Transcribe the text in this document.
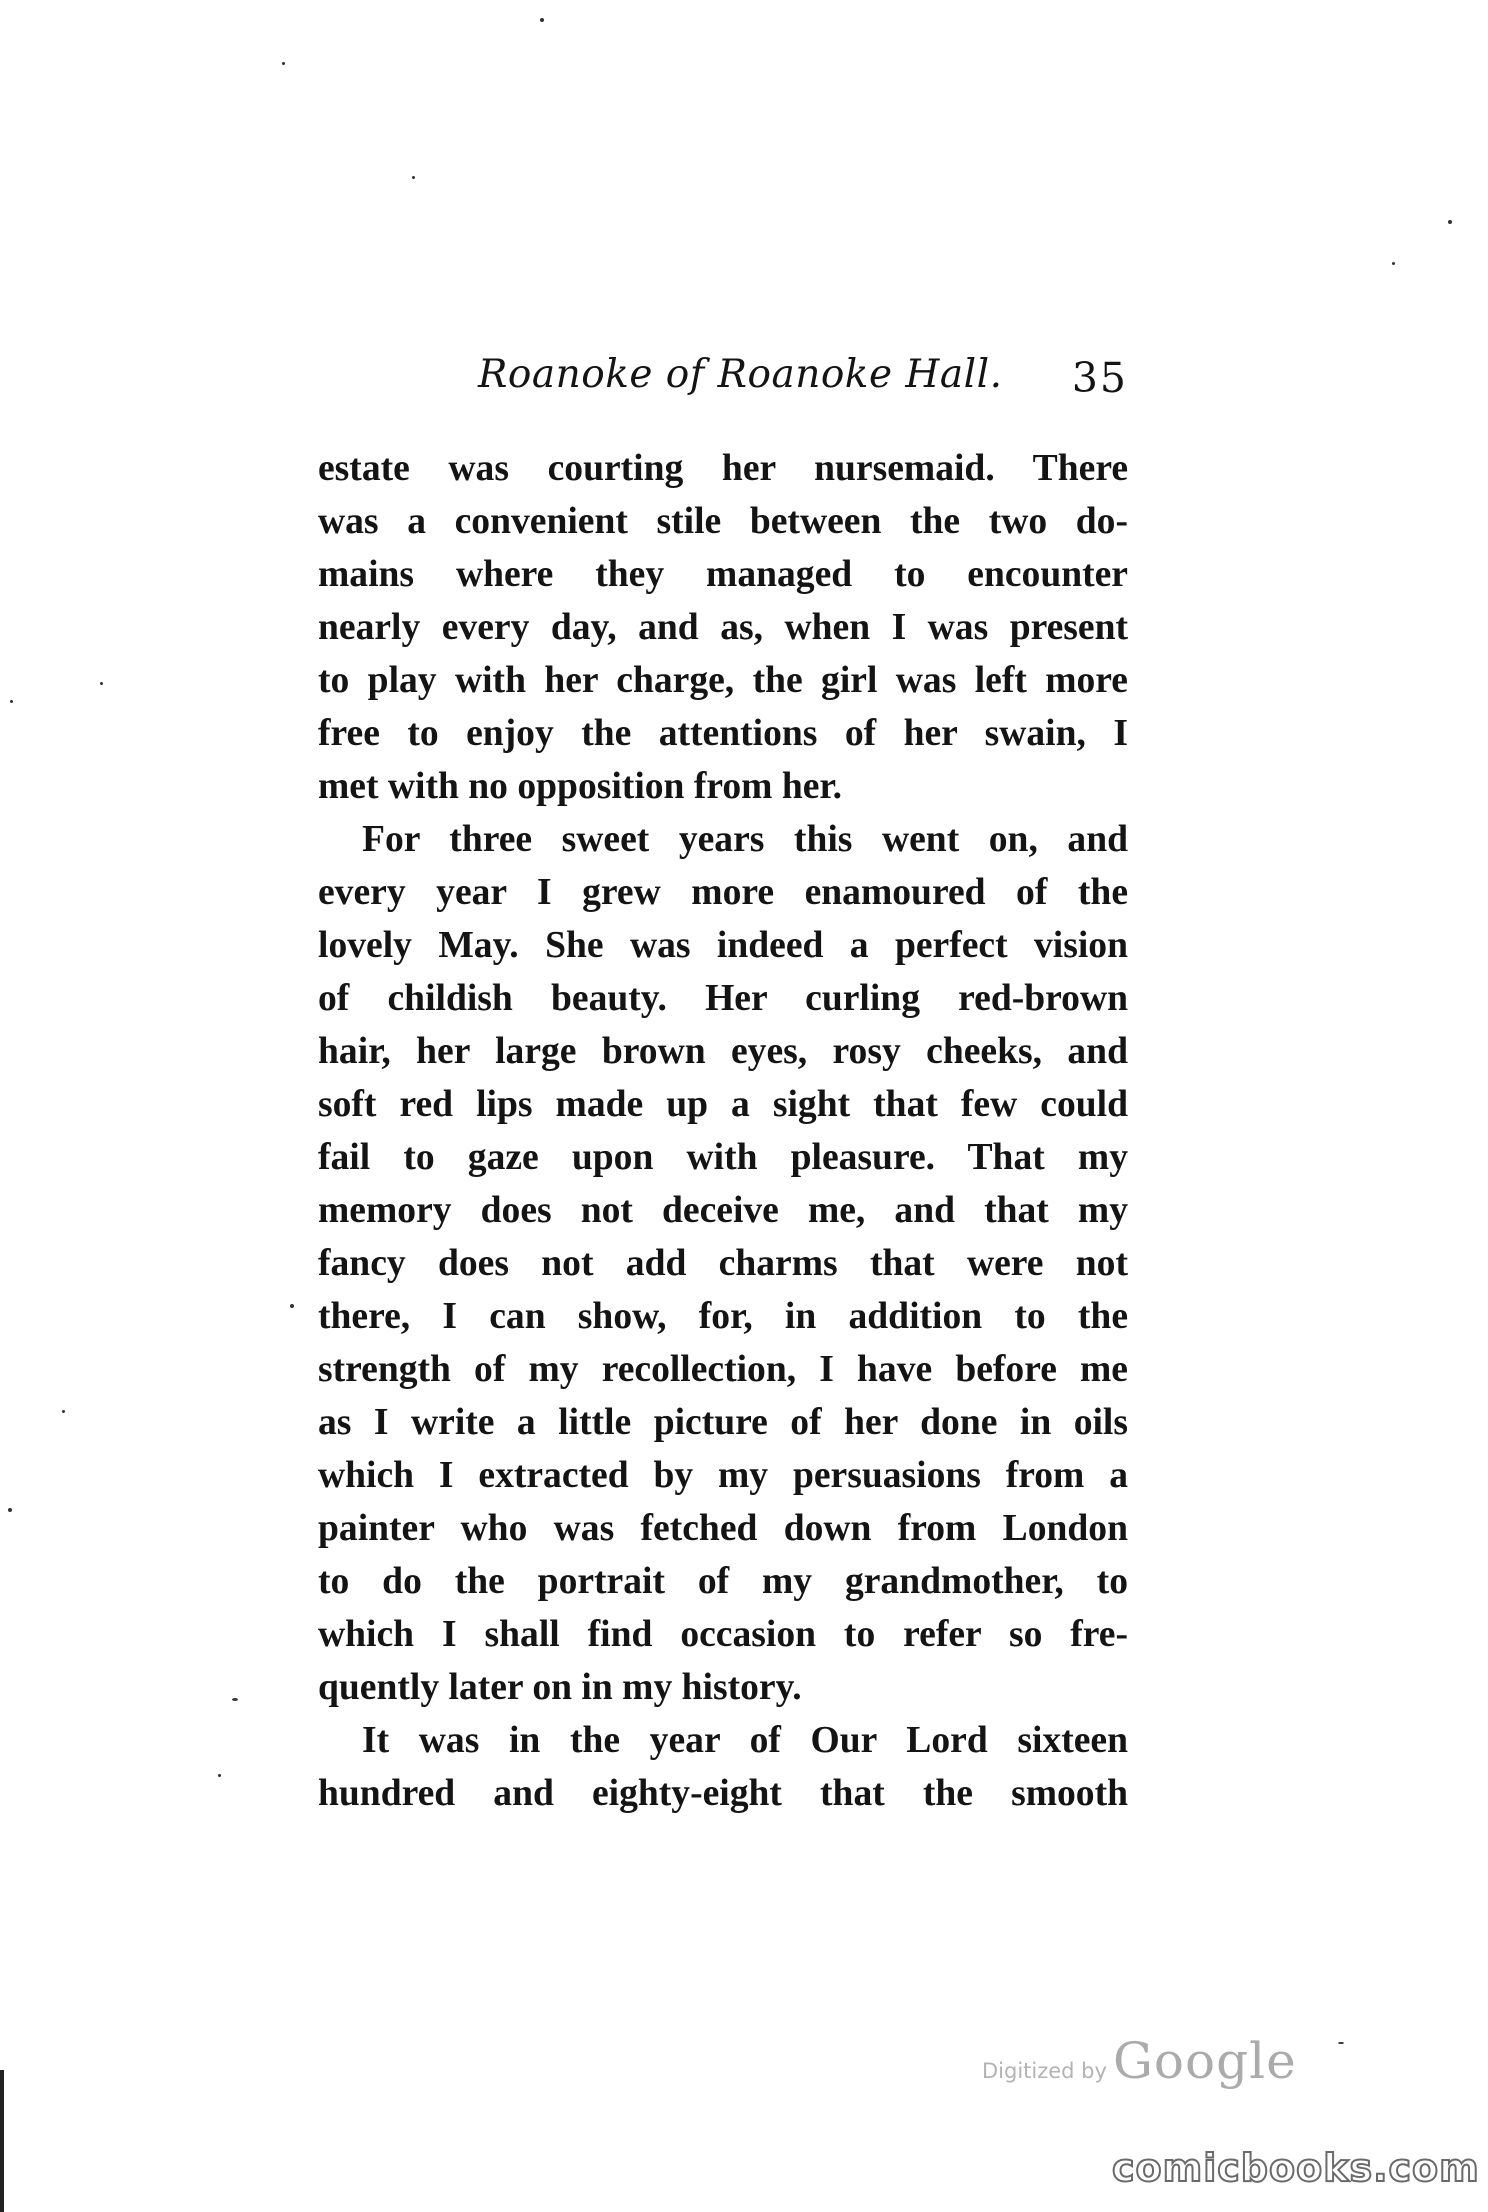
Roanoke of Roanoke Hall. 35
estate was courting her nursemaid. There
was a convenient stile between the two do-
mains where they managed to encounter
nearly every day, and as, when I was present
to play with her charge, the girl was left more
free to enjoy the attentions of her swain, I
met with no opposition from her.
For three sweet years this went on, and
every year I grew more enamoured of the
lovely May. She was indeed a perfect vision
of childish beauty. Her curling red-brown
hair, her large brown eyes, rosy cheeks, and
soft red lips made up a sight that few could
fail to gaze upon with pleasure. That my
memory does not deceive me, and that my
fancy does not add charms that were not
there, I can show, for, in addition to the
strength of my recollection, I have before me
as I write a little picture of her done in oils
which I extracted by my persuasions from a
painter who was fetched down from London
to do the portrait of my grandmother, to
which I shall find occasion to refer so fre-
quently later on in my history.
It was in the year of Our Lord sixteen
hundred and eighty-eight that the smooth
Digitized by Google
comicbooks.com
